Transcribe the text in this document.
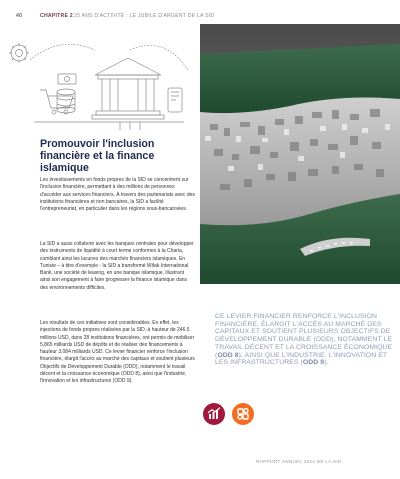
40	CHAPITRE 2 25 ANS D'ACTIVITÉ : LE JUBILÉ D'ARGENT DE LA SID
Promouvoir l'inclusion financière et la finance islamique

Les investissements en fonds propres de la SID se concentrent sur l'inclusion financière, permettant à des millions de personnes d'accéder aux services financiers. À travers des partenariats avec des institutions financières et non bancaires, la SID a facilité l'entrepreneuriat, en particulier dans les régions sous-bancarisées.

La SID a aussi collaboré avec les banques centrales pour développer des instruments de liquidité à court terme conformes à la Charia, comblant ainsi les lacunes des marchés financiers islamiques. En Tunisie – à titre d'exemple - la SID a transformé Wifak International Bank, une société de leasing, en une banque islamique, illustrant ainsi son engagement à faire progresser la finance islamique dans des environnements difficiles.

Les résultats de ces initiatives sont considérables. En effet, les injections de fonds propres réalisées par la SID, à hauteur de 246.5 millions USD, dans 28 institutions financières, ont permis de mobiliser 5,865 milliards USD de dépôts et de réaliser des financements à hauteur 3,084 milliards USD. Ce levier financier renforce l'inclusion financière, élargit l'accès au marché des capitaux et soutient plusieurs Objectifs de Développement Durable (ODD), notamment le travail décent et la croissance économique (ODD 8), ainsi que l'industrie, l'innovation et les infrastructures (ODD 9).

CE LEVIER FINANCIER RENFORCE L'INCLUSION FINANCIÈRE, ÉLARGIT L'ACCÈS AU MARCHÉ DES CAPITAUX ET SOUTIENT PLUSIEURS OBJECTIFS DE DÉVELOPPEMENT DURABLE (ODD), NOTAMMENT LE TRAVAIL DÉCENT ET LA CROISSANCE ÉCONOMIQUE (ODD 8), AINSI QUE L'INDUSTRIE, L'INNOVATION ET LES INFRASTRUCTURES (ODD 9).

RAPPORT ANNUEL 2024 DE LA SID
